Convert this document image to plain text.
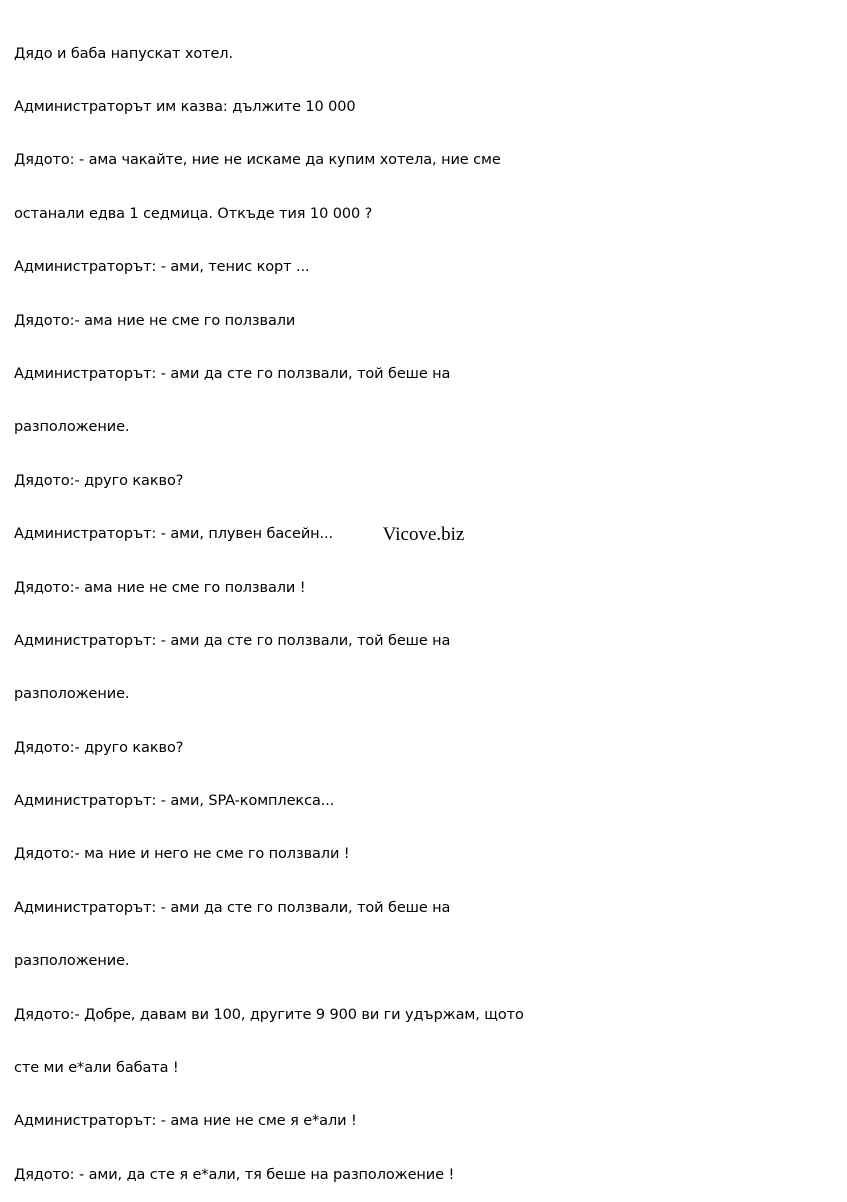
Дядо и баба напускат хотел.

Администраторът им казва: дължите 10 000

Дядото: - ама чакайте, ние не искаме да купим хотела, ние сме

останали едва 1 седмица. Откъде тия 10 000 ?

Администраторът: - ами, тенис корт ...

Дядото:- ама ние не сме го ползвали

Администраторът: - ами да сте го ползвали, той беше на

разположение.

Дядото:- друго какво?

Администраторът: - ами, плувен басейн...

Дядото:- ама ние не сме го ползвали !

Администраторът: - ами да сте го ползвали, той беше на

разположение.

Дядото:- друго какво?

Администраторът: - ами, SPA-комплекса...

Дядото:- ма ние и него не сме го ползвали !

Администраторът: - ами да сте го ползвали, той беше на

разположение.

Дядото:- Добре, давам ви 100, другите 9 900 ви ги удържам, щото

сте ми е*али бабата !

Администраторът: - ама ние не сме я е*али !

Дядото: - ами, да сте я е*али, тя беше на разположение !

Vicove.biz
